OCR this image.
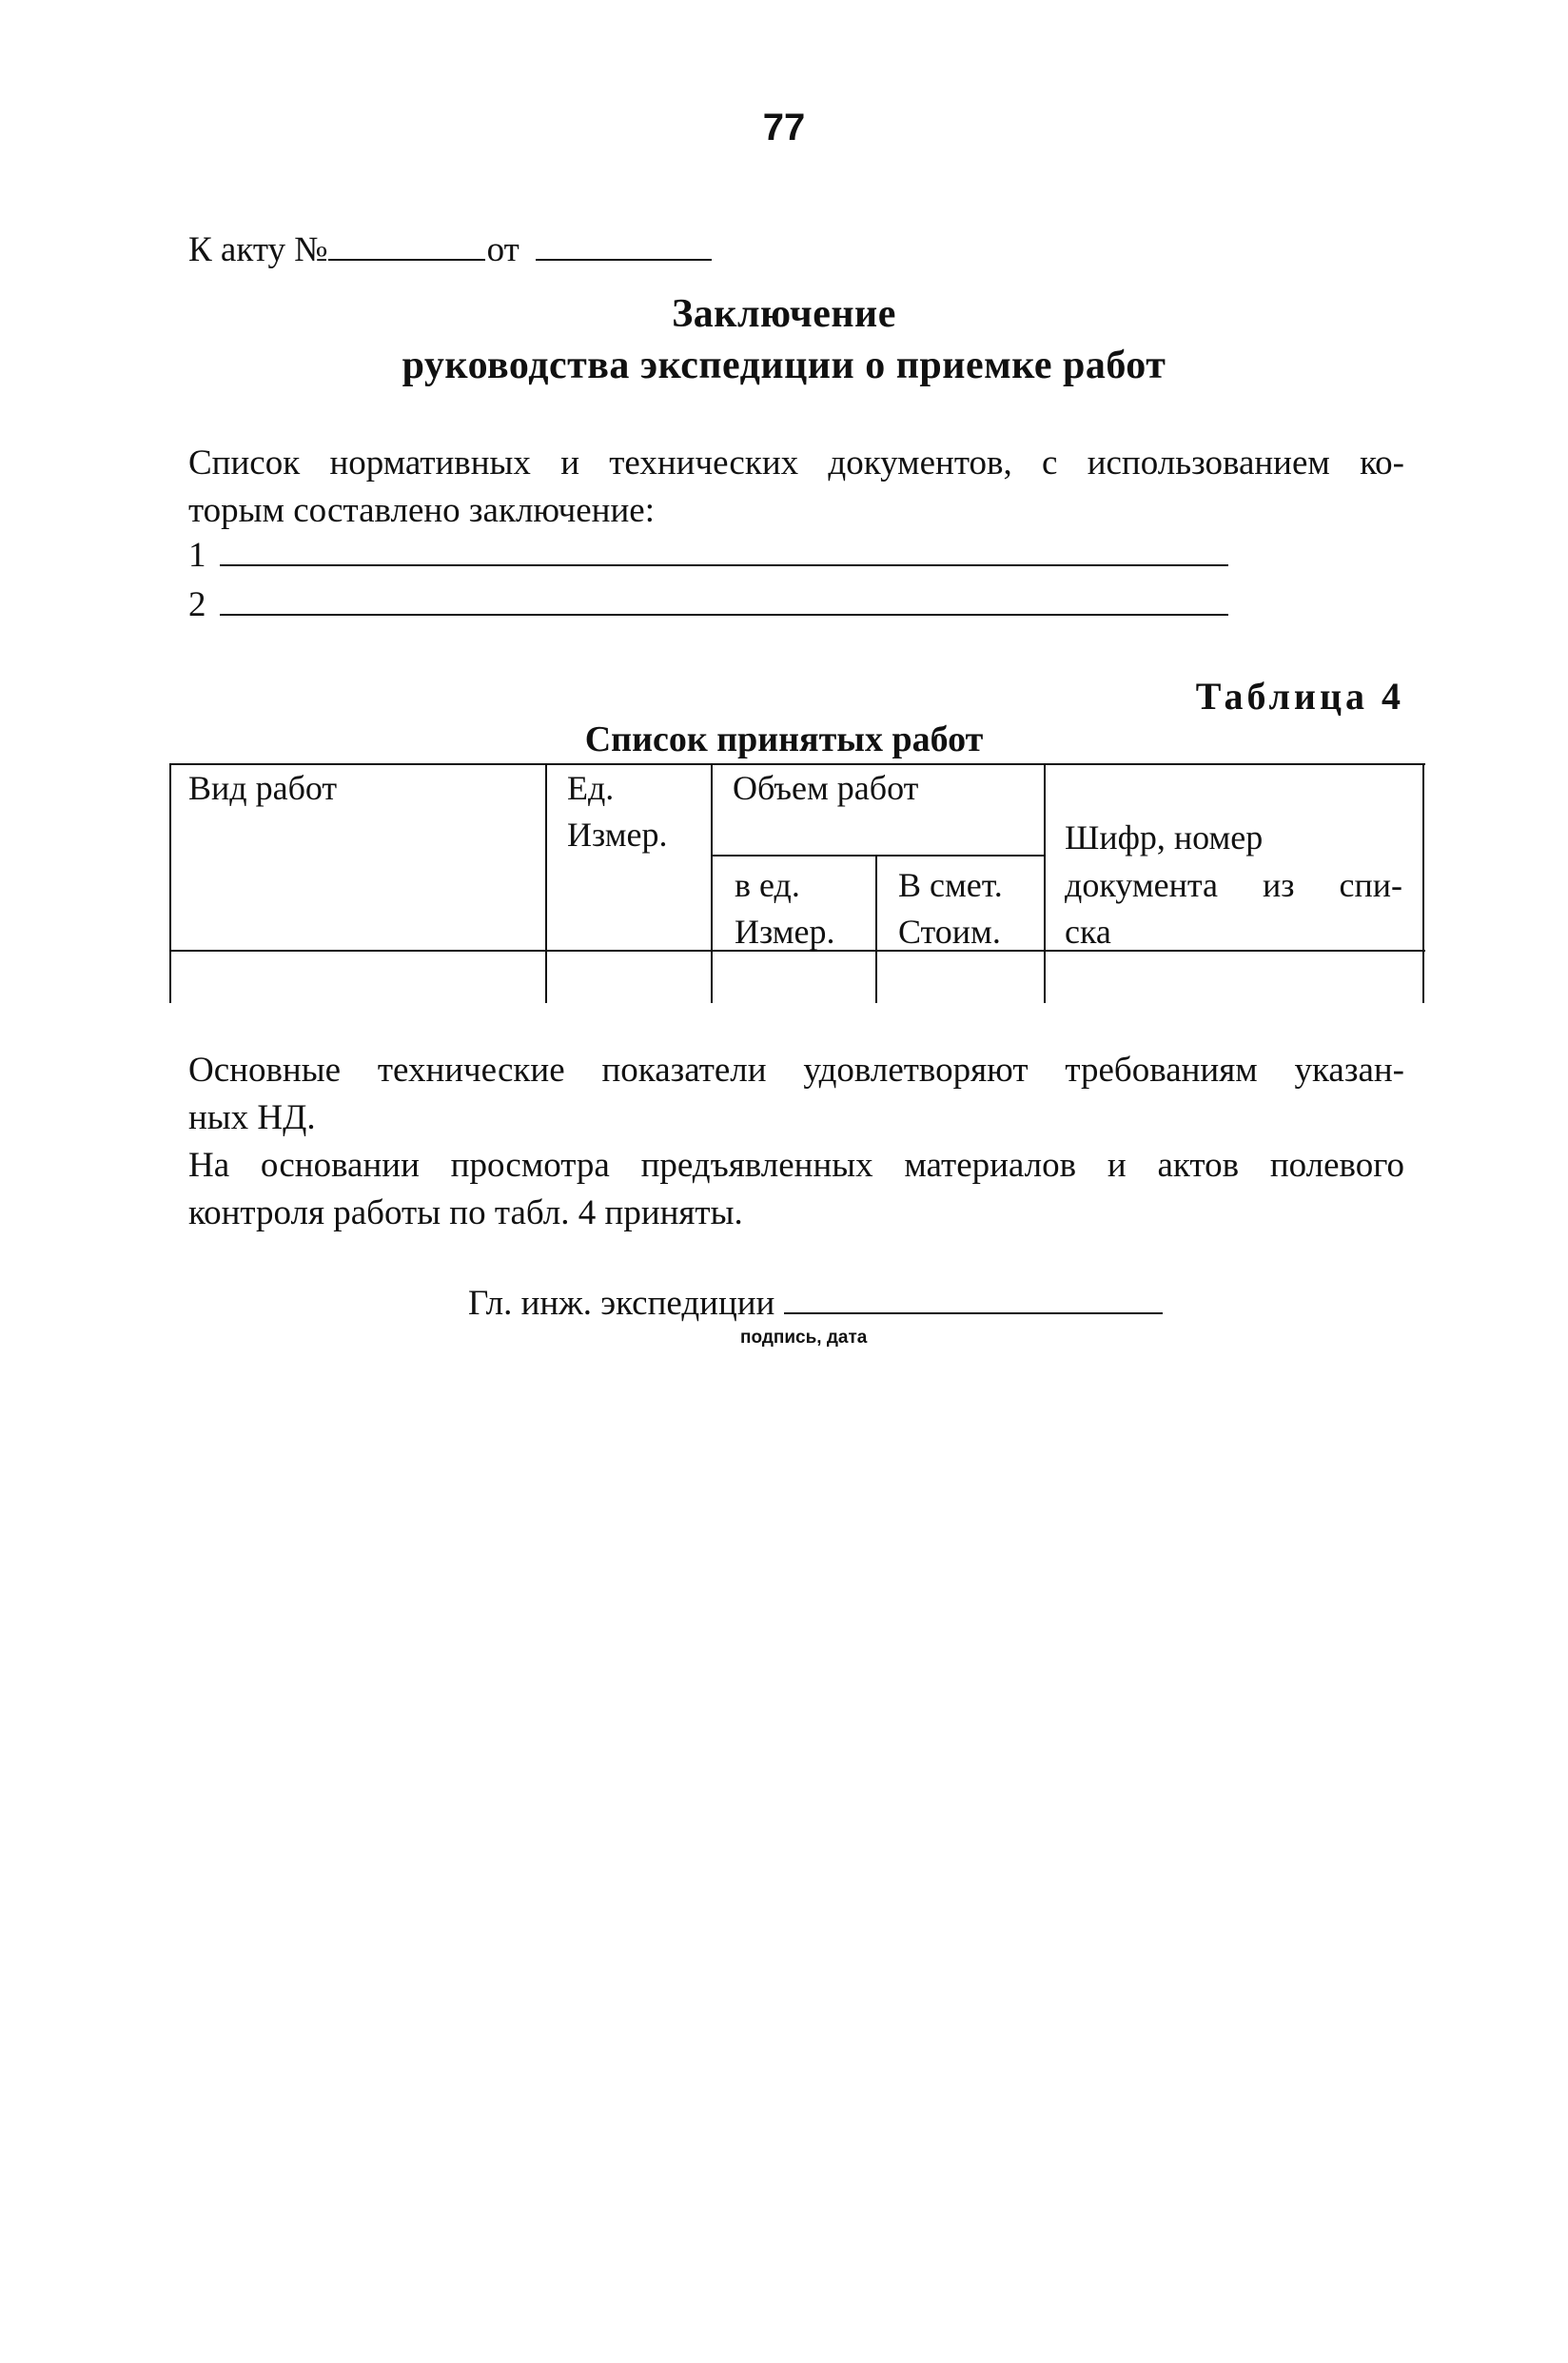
77
К акту №	от
Заключение
руководства экспедиции о приемке работ
Список нормативных и технических документов, с использованием ко-
торым составлено заключение:
1
2
Таблица 4
Список принятых работ
Вид работ	Ед.
Измер.
Объем работ
в ед.
Измер.
В смет.
Стоим.
Шифр, номер
документа из спи-
ска
Основные технические показатели удовлетворяют требованиям указан-
ных НД.
На основании просмотра предъявленных материалов и актов полевого
контроля работы по табл. 4 приняты.
Гл. инж. экспедиции
подпись, дата
